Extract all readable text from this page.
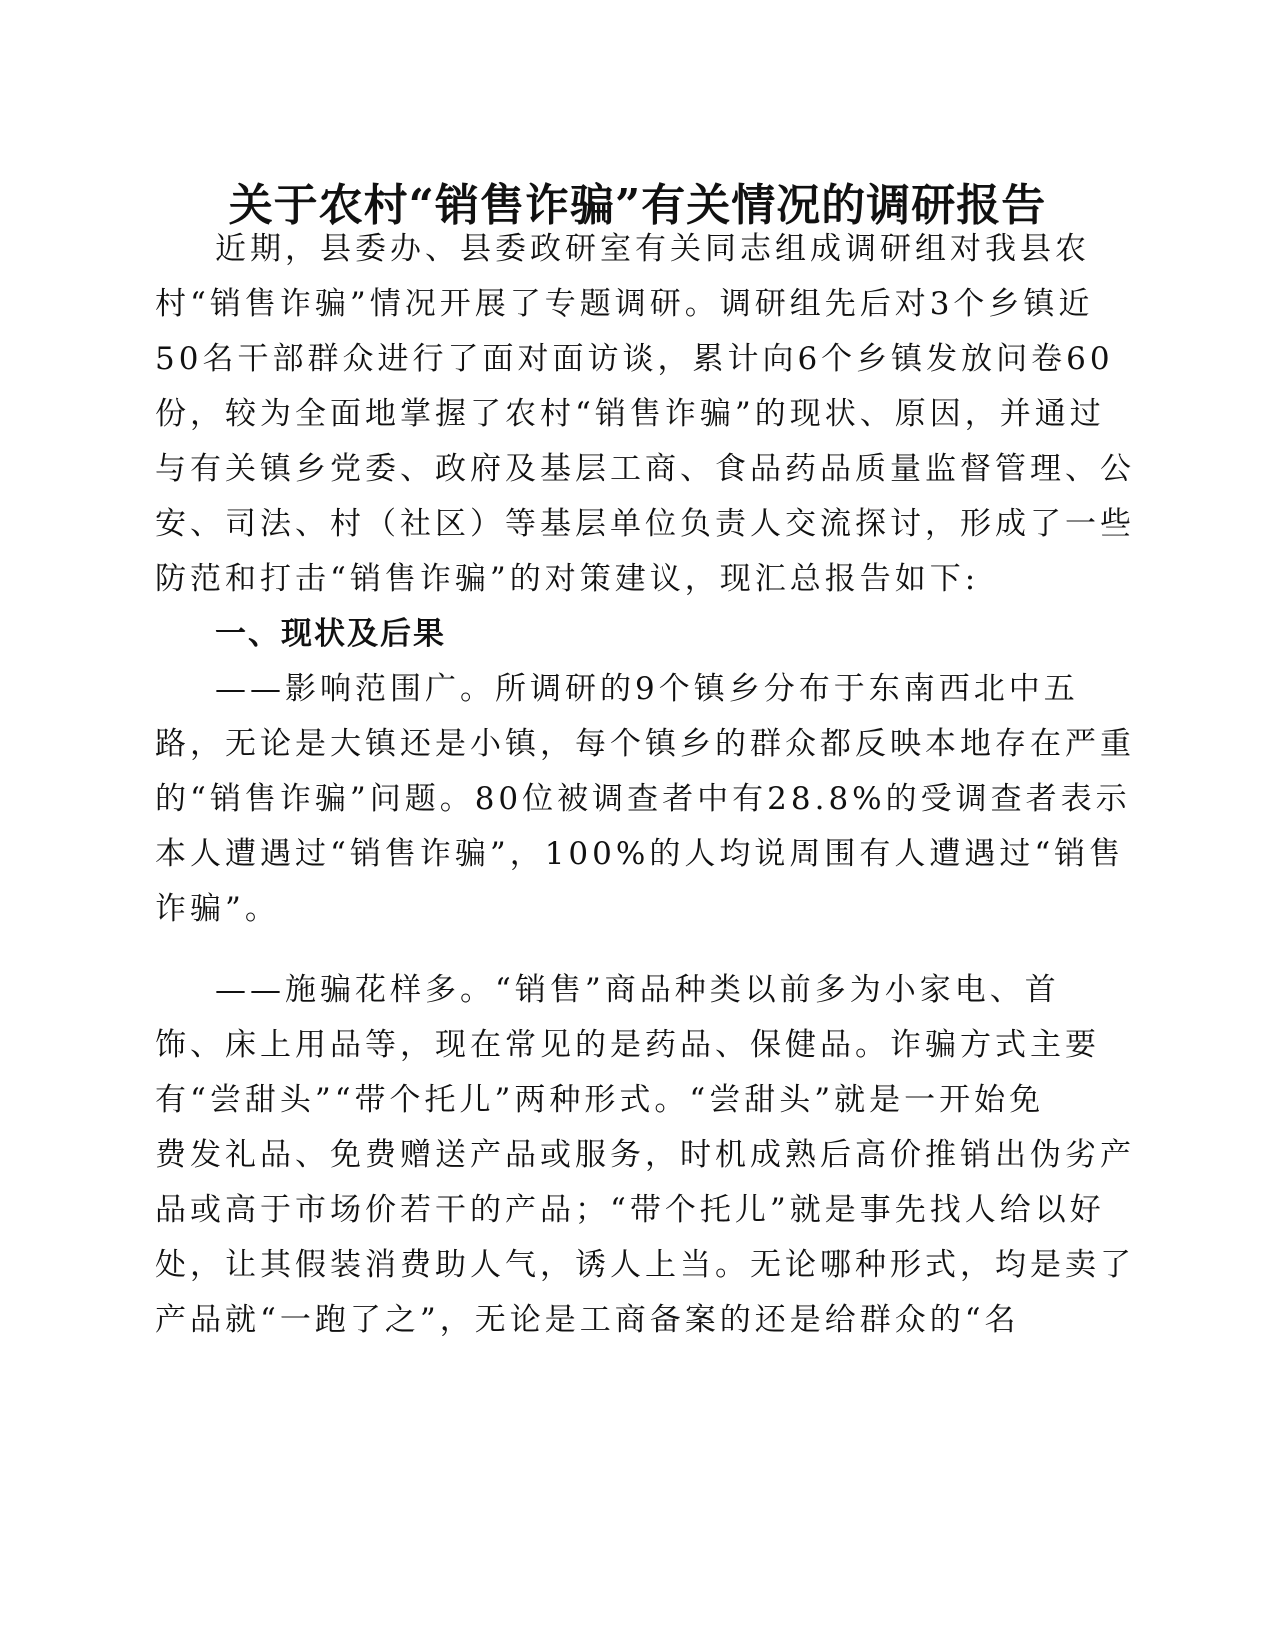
关于农村“销售诈骗”有关情况的调研报告
近期，县委办、县委政研室有关同志组成调研组对我县农
村“销售诈骗”情况开展了专题调研。调研组先后对3个乡镇近
50名干部群众进行了面对面访谈，累计向6个乡镇发放问卷60
份，较为全面地掌握了农村“销售诈骗”的现状、原因，并通过
与有关镇乡党委、政府及基层工商、食品药品质量监督管理、公
安、司法、村（社区）等基层单位负责人交流探讨，形成了一些
防范和打击“销售诈骗”的对策建议，现汇总报告如下:
一、现状及后果
——影响范围广。所调研的9个镇乡分布于东南西北中五
路，无论是大镇还是小镇，每个镇乡的群众都反映本地存在严重
的“销售诈骗”问题。80位被调查者中有28.8%的受调查者表示
本人遭遇过“销售诈骗”，100%的人均说周围有人遭遇过“销售
诈骗”。
——施骗花样多。“销售”商品种类以前多为小家电、首
饰、床上用品等，现在常见的是药品、保健品。诈骗方式主要
有“尝甜头”“带个托儿”两种形式。“尝甜头”就是一开始免
费发礼品、免费赠送产品或服务，时机成熟后高价推销出伪劣产
品或高于市场价若干的产品；“带个托儿”就是事先找人给以好
处，让其假装消费助人气，诱人上当。无论哪种形式，均是卖了
产品就“一跑了之”，无论是工商备案的还是给群众的“名
